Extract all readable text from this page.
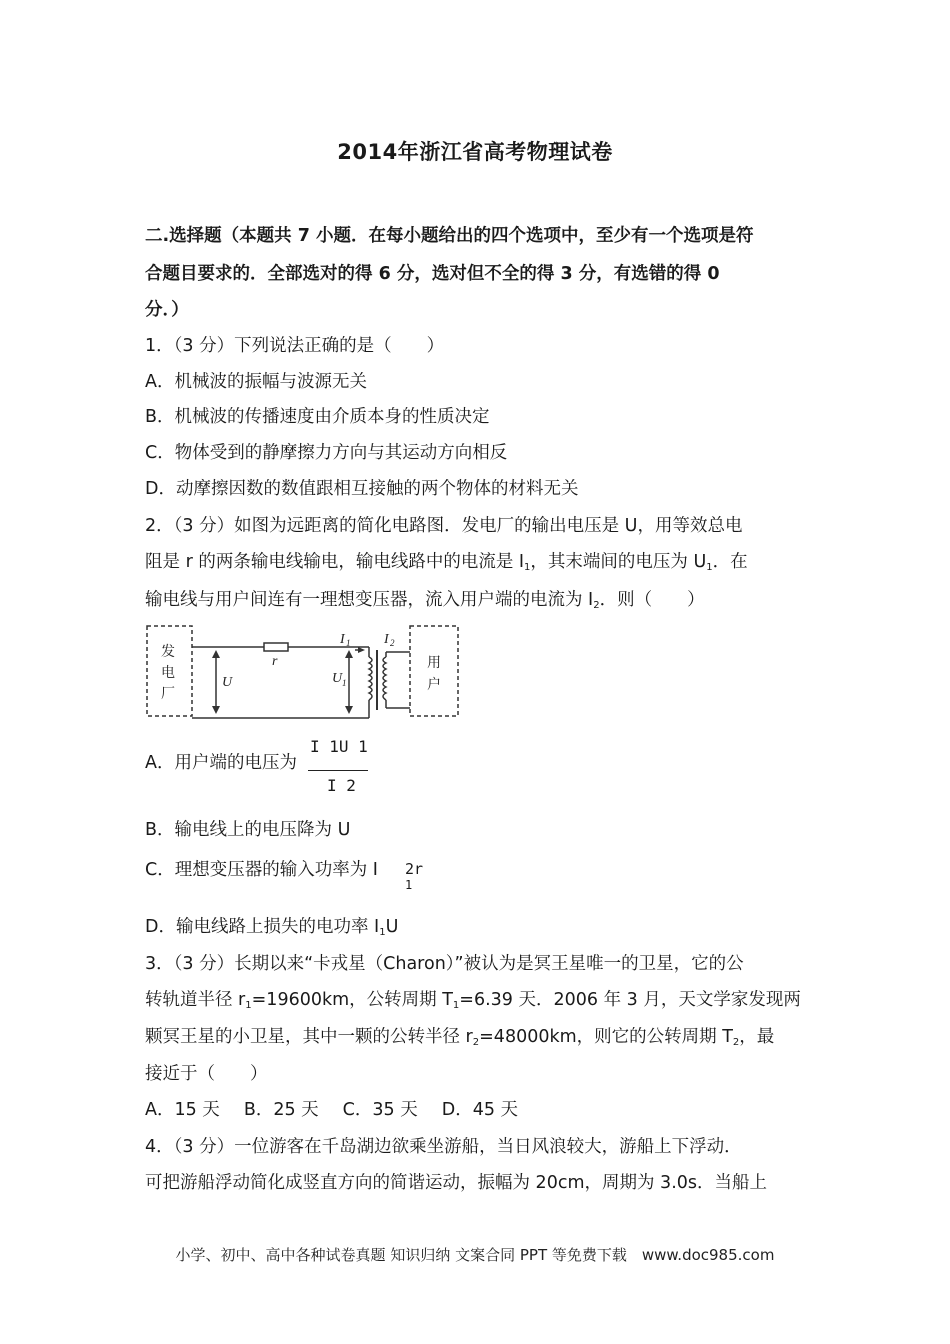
2014年浙江省高考物理试卷
二.选择题（本题共 7 小题．在每小题给出的四个选项中，至少有一个选项是符
合题目要求的．全部选对的得 6 分，选对但不全的得 3 分，有选错的得 0
分．）
1．（3 分）下列说法正确的是（　　）
A．机械波的振幅与波源无关
B．机械波的传播速度由介质本身的性质决定
C．物体受到的静摩擦力方向与其运动方向相反
D．动摩擦因数的数值跟相互接触的两个物体的材料无关
2．（3 分）如图为远距离的简化电路图．发电厂的输出电压是 U，用等效总电
阻是 r 的两条输电线输电，输电线路中的电流是 $I_1$，其末端间的电压为 $U_1$．在
输电线与用户间连有一理想变压器，流入用户端的电流为 $I_2$．则（　　）
发
电
厂
用
户
r
U	U 1
I 1 I 2
A．用户端的电压为
I 1U 1
I 2
B．输电线上的电压降为 U
C．理想变压器的输入功率为 I 2r
1
D．输电线路上损失的电功率 $I_1U$
3．（3 分）长期以来“卡戎星（Charon）”被认为是冥王星唯一的卫星，它的公
转轨道半径 $r_1=19600km$，公转周期 $T_1=6.39$ 天．2006 年 3 月，天文学家发现两
颗冥王星的小卫星，其中一颗的公转半径 $r_2=48000km$，则它的公转周期 $T_2$，最
接近于（　　）
A．15 天 B．25 天 C．35 天 D．45 天
4．（3 分）一位游客在千岛湖边欲乘坐游船，当日风浪较大，游船上下浮动．
可把游船浮动简化成竖直方向的简谐运动，振幅为 20cm，周期为 3.0s．当船上
小学、初中、高中各种试卷真题 知识归纳 文案合同 PPT 等免费下载　www.doc985.com
